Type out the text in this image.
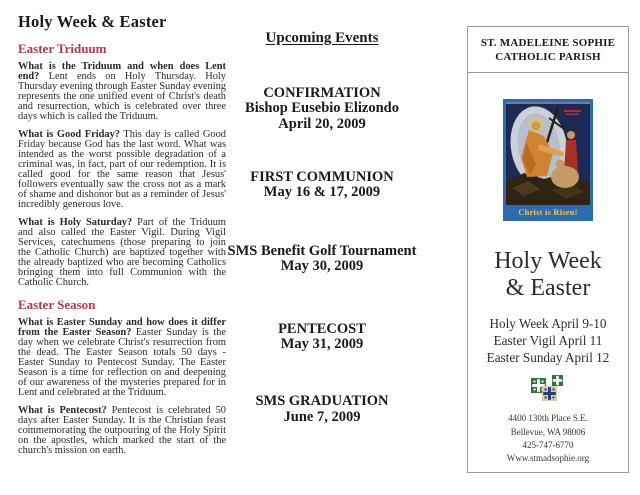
Holy Week & Easter
Easter Triduum

What is the Triduum and when does Lent end? Lent ends on Holy Thursday. Holy Thursday evening through Easter Sunday evening represents the one unified event of Christ's death and resurrection, which is celebrated over three days which is called the Triduum.

What is Good Friday? This day is called Good Friday because God has the last word. What was intended as the worst possible degradation of a criminal was, in fact, part of our redemption. It is called good for the same reason that Jesus' followers eventually saw the cross not as a mark of shame and dishonor but as a reminder of Jesus' incredibly generous love.

What is Holy Saturday? Part of the Triduum and also called the Easter Vigil. During Vigil Services, catechumens (those preparing to join the Catholic Church) are baptized together with the already baptized who are becoming Catholics bringing them into full Communion with the Catholic Church.

Easter Season

What is Easter Sunday and how does it differ from the Easter Season? Easter Sunday is the day when we celebrate Christ's resurrection from the dead. The Easter Season totals 50 days - Easter Sunday to Pentecost Sunday. The Easter Season is a time for reflection on and deepening of our awareness of the mysteries prepared for in Lent and celebrated at the Triduum.

What is Pentecost? Pentecost is celebrated 50 days after Easter Sunday. It is the Christian feast commemorating the outpouring of the Holy Spirit on the apostles, which marked the start of the church's mission on earth.

Upcoming Events
CONFIRMATION
Bishop Eusebio Elizondo
April 20, 2009
FIRST COMMUNION
May 16 & 17, 2009
SMS Benefit Golf Tournament
May 30, 2009
PENTECOST
May 31, 2009
SMS GRADUATION
June 7, 2009
ST. MADELEINE SOPHIE
CATHOLIC PARISH
Christ is Risen!
Holy Week
& Easter
Holy Week April 9-10
Easter Vigil April 11
Easter Sunday April 12
4400 130th Place S.E.
Bellevue, WA 98006
425-747-6770
Www.stmadsophie.org
